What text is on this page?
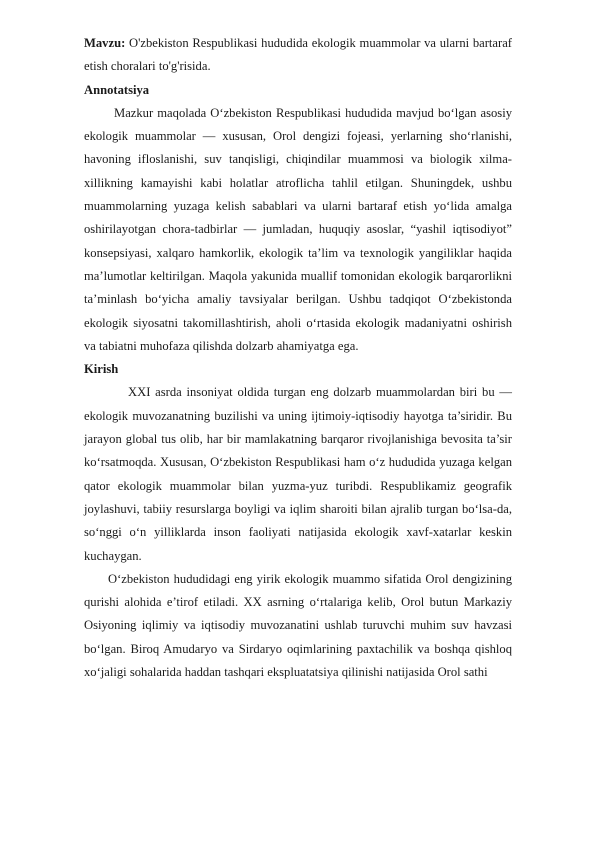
Mavzu: O'zbekiston Respublikasi hududida ekologik muammolar va ularni bartaraf etish choralari to'g'risida.

Annotatsiya

Mazkur maqolada O‘zbekiston Respublikasi hududida mavjud bo‘lgan asosiy ekologik muammolar — xususan, Orol dengizi fojeasi, yerlarning sho‘rlanishi, havoning ifloslanishi, suv tanqisligi, chiqindilar muammosi va biologik xilma-xillikning kamayishi kabi holatlar atroflicha tahlil etilgan. Shuningdek, ushbu muammolarning yuzaga kelish sabablari va ularni bartaraf etish yo‘lida amalga oshirilayotgan chora-tadbirlar — jumladan, huquqiy asoslar, “yashil iqtisodiyot” konsepsiyasi, xalqaro hamkorlik, ekologik ta’lim va texnologik yangiliklar haqida ma’lumotlar keltirilgan. Maqola yakunida muallif tomonidan ekologik barqarorlikni ta’minlash bo‘yicha amaliy tavsiyalar berilgan. Ushbu tadqiqot O‘zbekistonda ekologik siyosatni takomillashtirish, aholi o‘rtasida ekologik madaniyatni oshirish va tabiatni muhofaza qilishda dolzarb ahamiyatga ega.

Kirish

XXI asrda insoniyat oldida turgan eng dolzarb muammolardan biri bu — ekologik muvozanatning buzilishi va uning ijtimoiy-iqtisodiy hayotga ta’siridir. Bu jarayon global tus olib, har bir mamlakatning barqaror rivojlanishiga bevosita ta’sir ko‘rsatmoqda. Xususan, O‘zbekiston Respublikasi ham o‘z hududida yuzaga kelgan qator ekologik muammolar bilan yuzma-yuz turibdi. Respublikamiz geografik joylashuvi, tabiiy resurslarga boyligi va iqlim sharoiti bilan ajralib turgan bo‘lsa-da, so‘nggi o‘n yilliklarda inson faoliyati natijasida ekologik xavf-xatarlar keskin kuchaygan.

O‘zbekiston hududidagi eng yirik ekologik muammo sifatida Orol dengizining qurishi alohida e’tirof etiladi. XX asrning o‘rtalariga kelib, Orol butun Markaziy Osiyoning iqlimiy va iqtisodiy muvozanatini ushlab turuvchi muhim suv havzasi bo‘lgan. Biroq Amudaryo va Sirdaryo oqimlarining paxtachilik va boshqa qishloq xo‘jaligi sohalarida haddan tashqari ekspluatatsiya qilinishi natijasida Orol sathi
